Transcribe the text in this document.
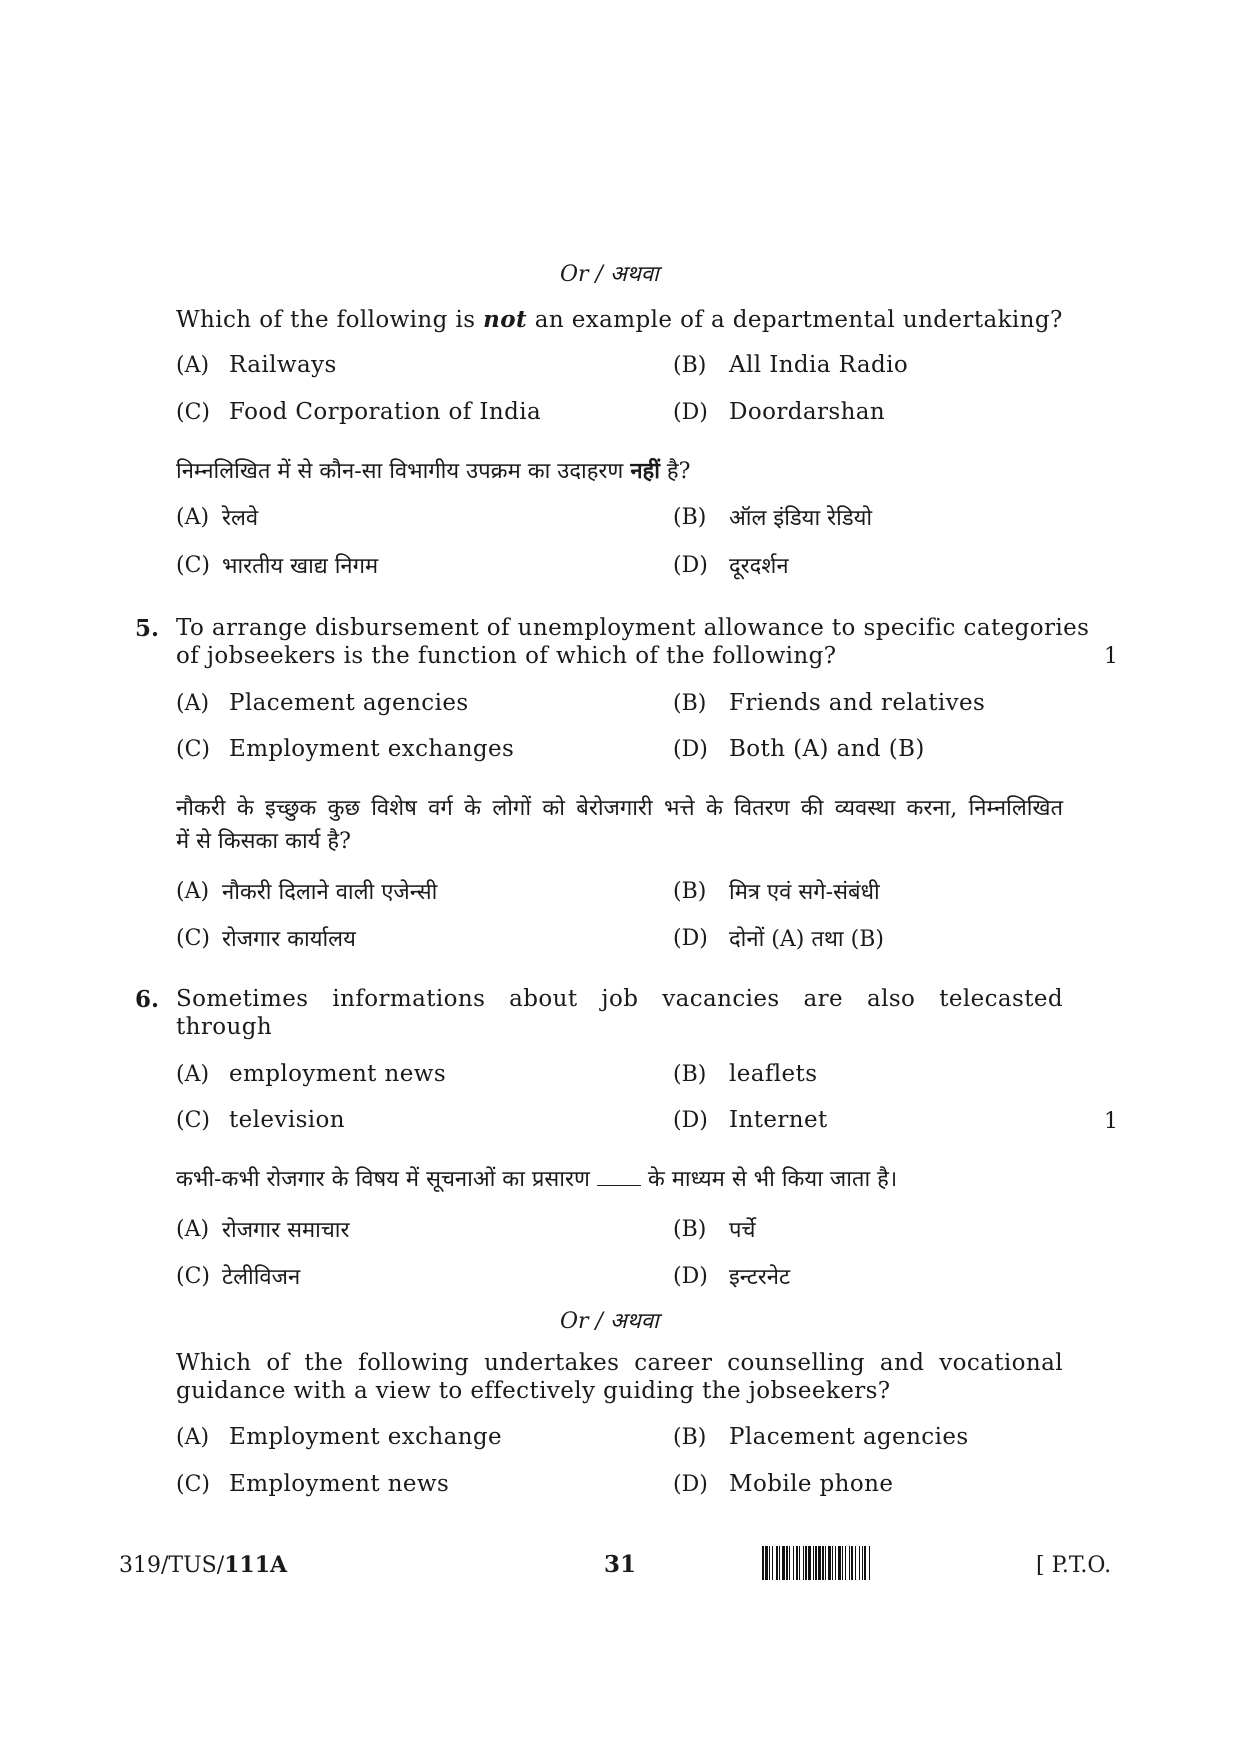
Or / अथवा
Which of the following is not an example of a departmental undertaking?
(A) Railways	(B) All India Radio
(C) Food Corporation of India	(D) Doordarshan
निम्नलिखित में से कौन-सा विभागीय उपक्रम का उदाहरण नहीं है?
(A) रेलवे	(B) ऑल इंडिया रेडियो
(C) भारतीय खाद्य निगम	(D) दूरदर्शन
5. To arrange disbursement of unemployment allowance to specific categories
of jobseekers is the function of which of the following?	1
(A) Placement agencies	(B) Friends and relatives
(C) Employment exchanges	(D) Both (A) and (B)
नौकरी के इच्छुक कुछ विशेष वर्ग के लोगों को बेरोजगारी भत्ते के वितरण की व्यवस्था करना, निम्नलिखित
में से किसका कार्य है?
(A) नौकरी दिलाने वाली एजेन्सी	(B) मित्र एवं सगे-संबंधी
(C) रोजगार कार्यालय	(D) दोनों (A) तथा (B)
6. Sometimes informations about job vacancies are also telecasted
through
(A) employment news	(B) leaflets
(C) television	(D) Internet	1
कभी-कभी रोजगार के विषय में सूचनाओं का प्रसारण	के माध्यम से भी किया जाता है।
(A) रोजगार समाचार	(B) पर्चे
(C) टेलीविजन	(D) इन्टरनेट
Or / अथवा
Which of the following undertakes career counselling and vocational
guidance with a view to effectively guiding the jobseekers?
(A) Employment exchange	(B) Placement agencies
(C) Employment news	(D) Mobile phone
319/TUS/111A	31	[ P.T.O.
